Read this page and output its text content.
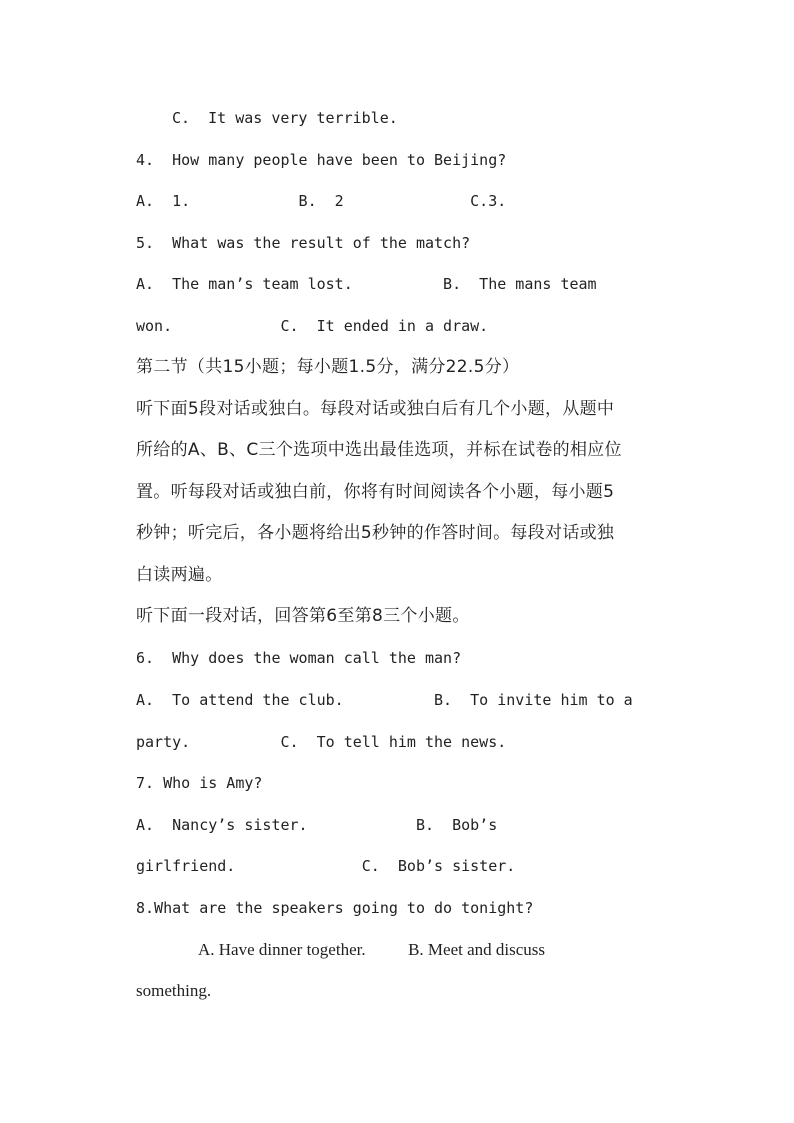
C.  It was very terrible.
4.  How many people have been to Beijing?
A.  1.            B.  2              C.3.
5.  What was the result of the match?
A.  The man’s team lost.          B.  The mans team
won.            C.  It ended in a draw.
第二节（共15小题；每小题1.5分，满分22.5分）
听下面5段对话或独白。每段对话或独白后有几个小题，从题中
所给的A、B、C三个选项中选出最佳选项，并标在试卷的相应位
置。听每段对话或独白前，你将有时间阅读各个小题，每小题5
秒钟；听完后，各小题将给出5秒钟的作答时间。每段对话或独
白读两遍。
听下面一段对话，回答第6至第8三个小题。
6.  Why does the woman call the man?
A.  To attend the club.          B.  To invite him to a
party.          C.  To tell him the news.
7. Who is Amy?
A.  Nancy’s sister.            B.  Bob’s
girlfriend.              C.  Bob’s sister.
8.What are the speakers going to do tonight?
A. Have dinner together.          B. Meet and discuss
something.
